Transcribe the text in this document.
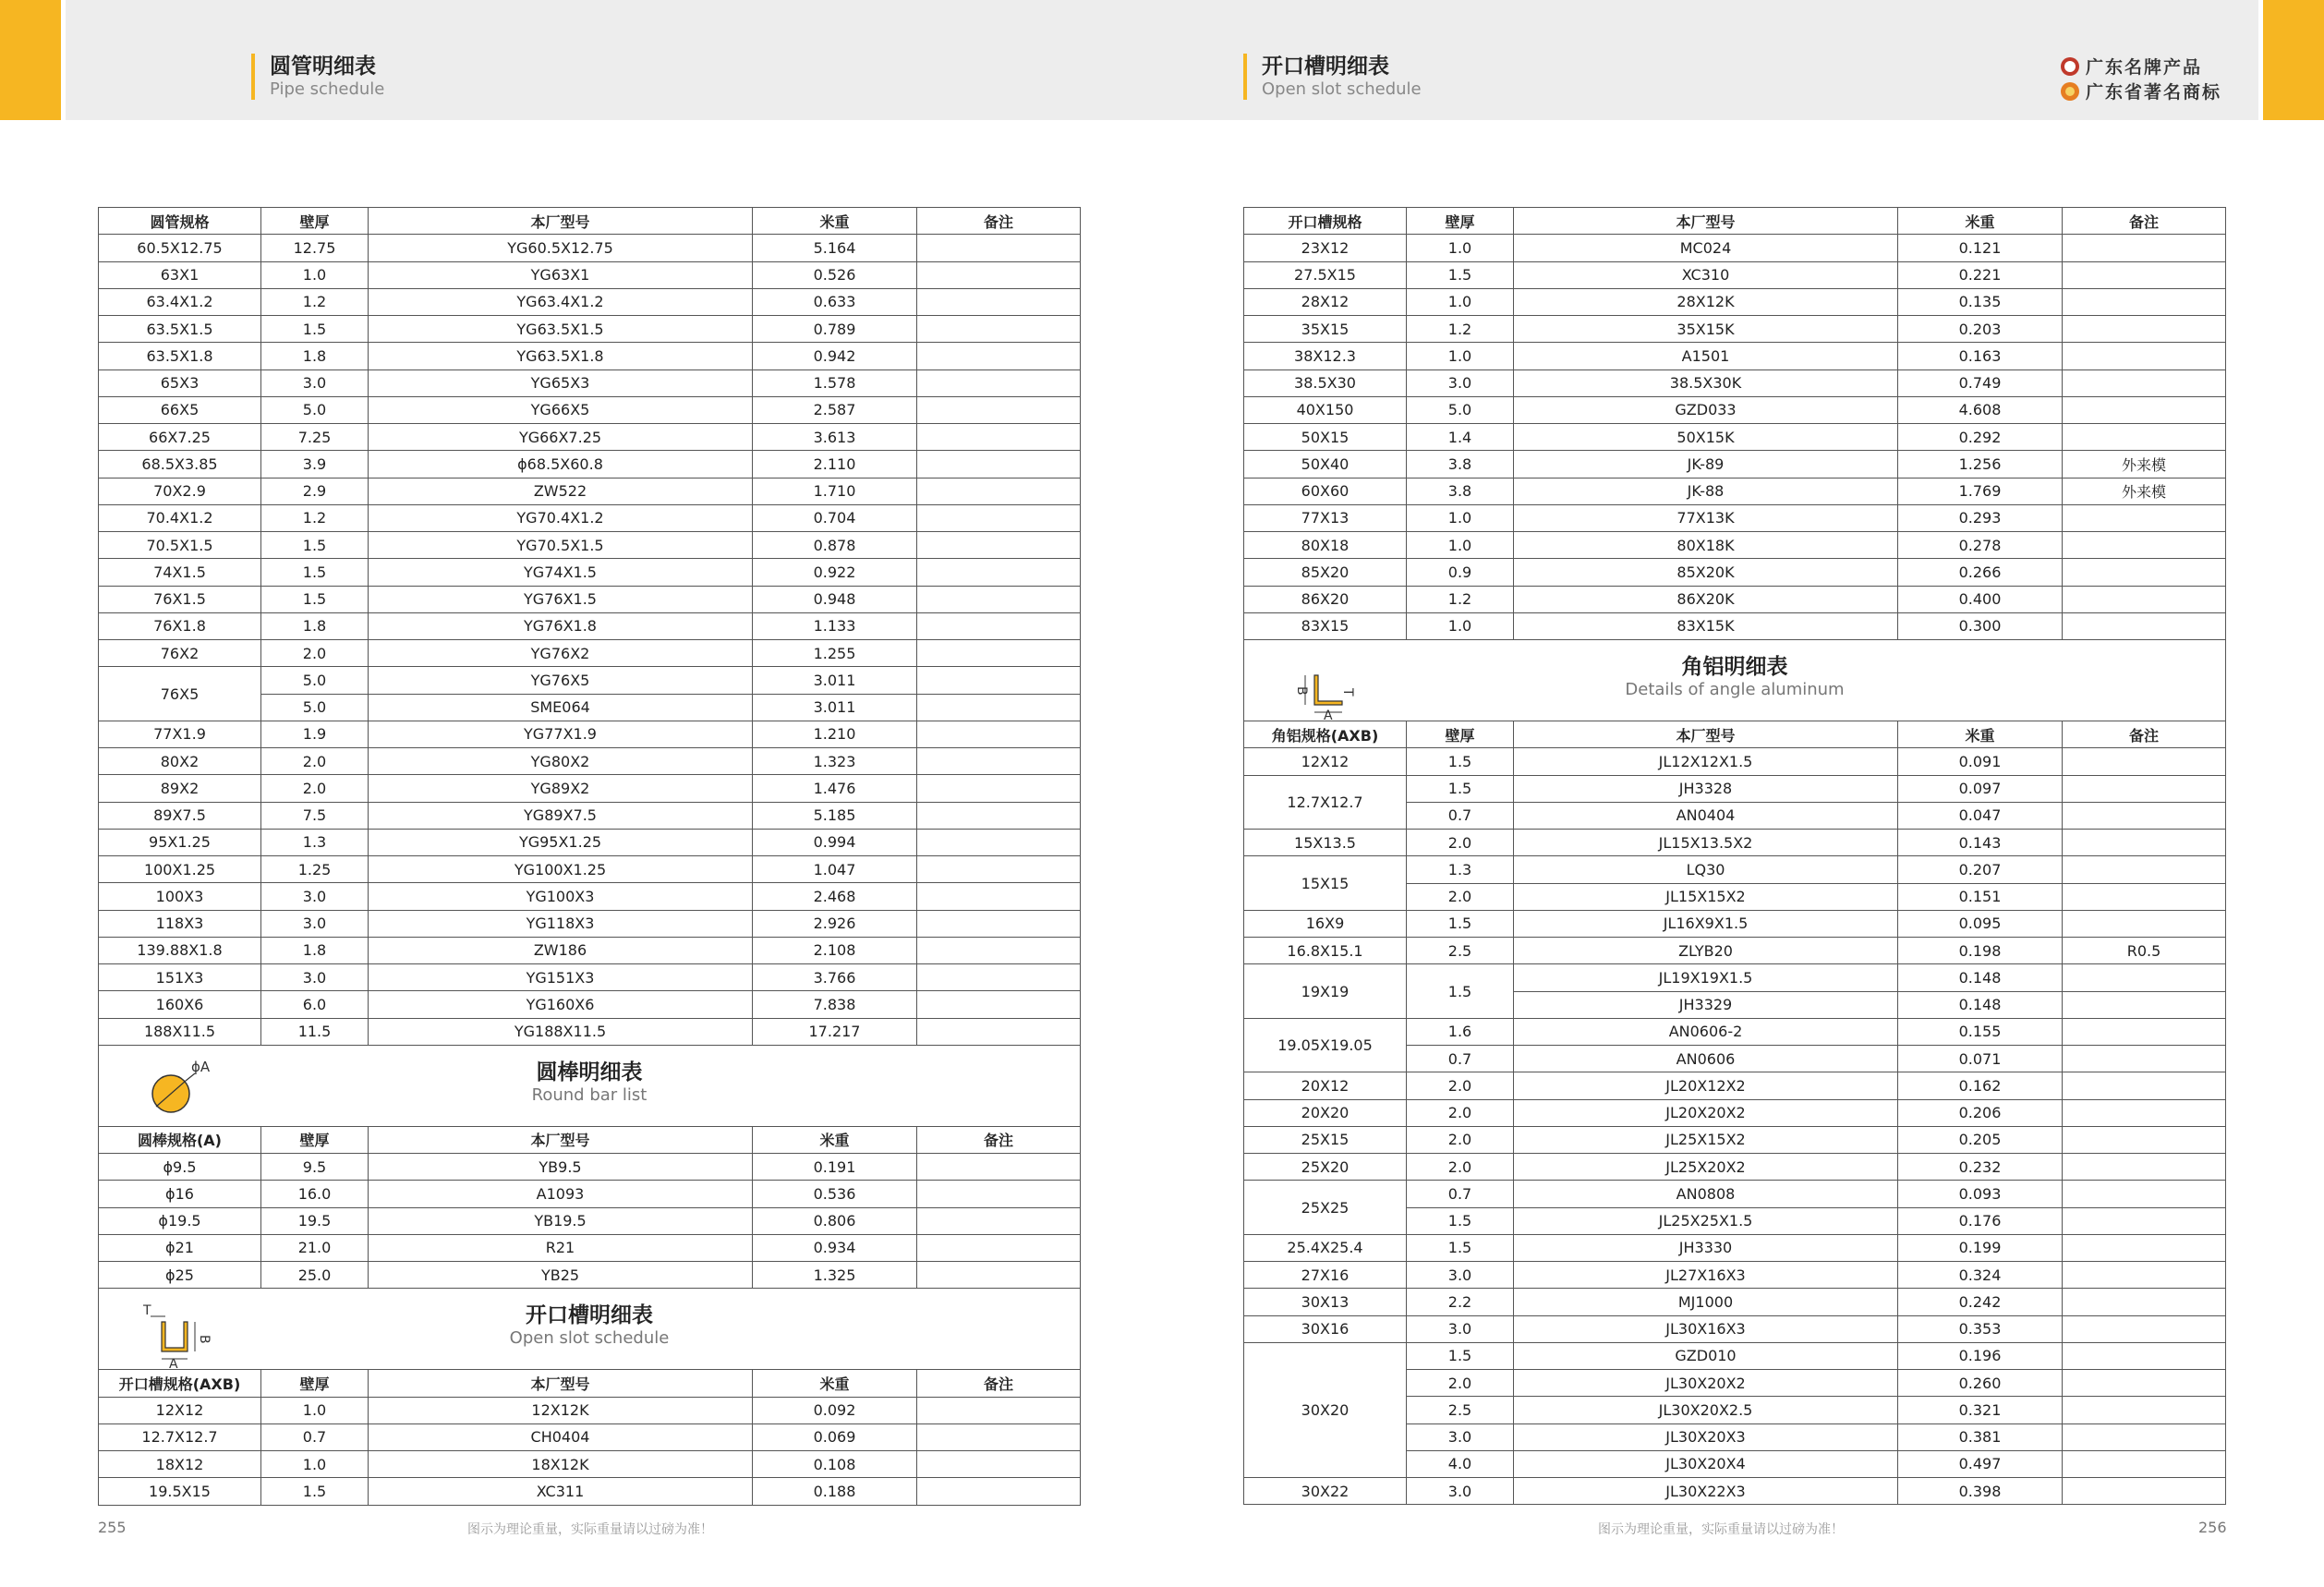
圆管明细表
Pipe schedule
开口槽明细表
Open slot schedule
广东名牌产品
广东省著名商标
圆管规格	壁厚	本厂型号	米重	备注
60.5X12.75	12.75	YG60.5X12.75	5.164	
63X1	1.0	YG63X1	0.526	
63.4X1.2	1.2	YG63.4X1.2	0.633	
63.5X1.5	1.5	YG63.5X1.5	0.789	
63.5X1.8	1.8	YG63.5X1.8	0.942	
65X3	3.0	YG65X3	1.578	
66X5	5.0	YG66X5	2.587	
66X7.25	7.25	YG66X7.25	3.613	
68.5X3.85	3.9	ϕ68.5X60.8	2.110	
70X2.9	2.9	ZW522	1.710	
70.4X1.2	1.2	YG70.4X1.2	0.704	
70.5X1.5	1.5	YG70.5X1.5	0.878	
74X1.5	1.5	YG74X1.5	0.922	
76X1.5	1.5	YG76X1.5	0.948	
76X1.8	1.8	YG76X1.8	1.133	
76X2	2.0	YG76X2	1.255	
76X5	5.0	YG76X5	3.011	
	5.0	SME064	3.011	
77X1.9	1.9	YG77X1.9	1.210	
80X2	2.0	YG80X2	1.323	
89X2	2.0	YG89X2	1.476	
89X7.5	7.5	YG89X7.5	5.185	
95X1.25	1.3	YG95X1.25	0.994	
100X1.25	1.25	YG100X1.25	1.047	
100X3	3.0	YG100X3	2.468	
118X3	3.0	YG118X3	2.926	
139.88X1.8	1.8	ZW186	2.108	
151X3	3.0	YG151X3	3.766	
160X6	6.0	YG160X6	7.838	
188X11.5	11.5	YG188X11.5	17.217	

ϕA 圆棒明细表
Round bar list				

圆棒规格(A)	壁厚	本厂型号	米重	备注
ϕ9.5	9.5	YB9.5	0.191	
ϕ16	16.0	A1093	0.536	
ϕ19.5	19.5	YB19.5	0.806	
ϕ21	21.0	R21	0.934	
ϕ25	25.0	YB25	1.325	

T
A
B
开口槽明细表
Open slot schedule				

开口槽规格(AXB)	壁厚	本厂型号	米重	备注
12X12	1.0	12X12K	0.092	
12.7X12.7	0.7	CH0404	0.069	
18X12	1.0	18X12K	0.108	
19.5X15	1.5	XC311	0.188	
开口槽规格	壁厚	本厂型号	米重	备注
23X12	1.0	MC024	0.121	
27.5X15	1.5	XC310	0.221	
28X12	1.0	28X12K	0.135	
35X15	1.2	35X15K	0.203	
38X12.3	1.0	A1501	0.163	
38.5X30	3.0	38.5X30K	0.749	
40X150	5.0	GZD033	4.608	
50X15	1.4	50X15K	0.292	
50X40	3.8	JK-89	1.256	外来模
60X60	3.8	JK-88	1.769	外来模
77X13	1.0	77X13K	0.293	
80X18	1.0	80X18K	0.278	
85X20	0.9	85X20K	0.266	
86X20	1.2	86X20K	0.400	
83X15	1.0	83X15K	0.300	

B T
A
角铝明细表
Details of angle aluminum				

角铝规格(AXB)	壁厚	本厂型号	米重	备注
12X12	1.5	JL12X12X1.5	0.091	
12.7X12.7	1.5	JH3328	0.097	
	0.7	AN0404	0.047	
15X13.5	2.0	JL15X13.5X2	0.143	
15X15	1.3	LQ30	0.207	
	2.0	JL15X15X2	0.151	
16X9	1.5	JL16X9X1.5	0.095	
16.8X15.1	2.5	ZLYB20	0.198	R0.5
19X19	1.5	JL19X19X1.5	0.148	
		JH3329	0.148	
19.05X19.05	1.6	AN0606-2	0.155	
	0.7	AN0606	0.071	
20X12	2.0	JL20X12X2	0.162	
20X20	2.0	JL20X20X2	0.206	
25X15	2.0	JL25X15X2	0.205	
25X20	2.0	JL25X20X2	0.232	
25X25	0.7	AN0808	0.093	
	1.5	JL25X25X1.5	0.176	
25.4X25.4	1.5	JH3330	0.199	
27X16	3.0	JL27X16X3	0.324	
30X13	2.2	MJ1000	0.242	
30X16	3.0	JL30X16X3	0.353	
30X20	1.5	GZD010	0.196	
	2.0	JL30X20X2	0.260	
	2.5	JL30X20X2.5	0.321	
	3.0	JL30X20X3	0.381	
	4.0	JL30X20X4	0.497	
30X22	3.0	JL30X22X3	0.398	
255	图示为理论重量，实际重量请以过磅为准！	图示为理论重量，实际重量请以过磅为准！	256
